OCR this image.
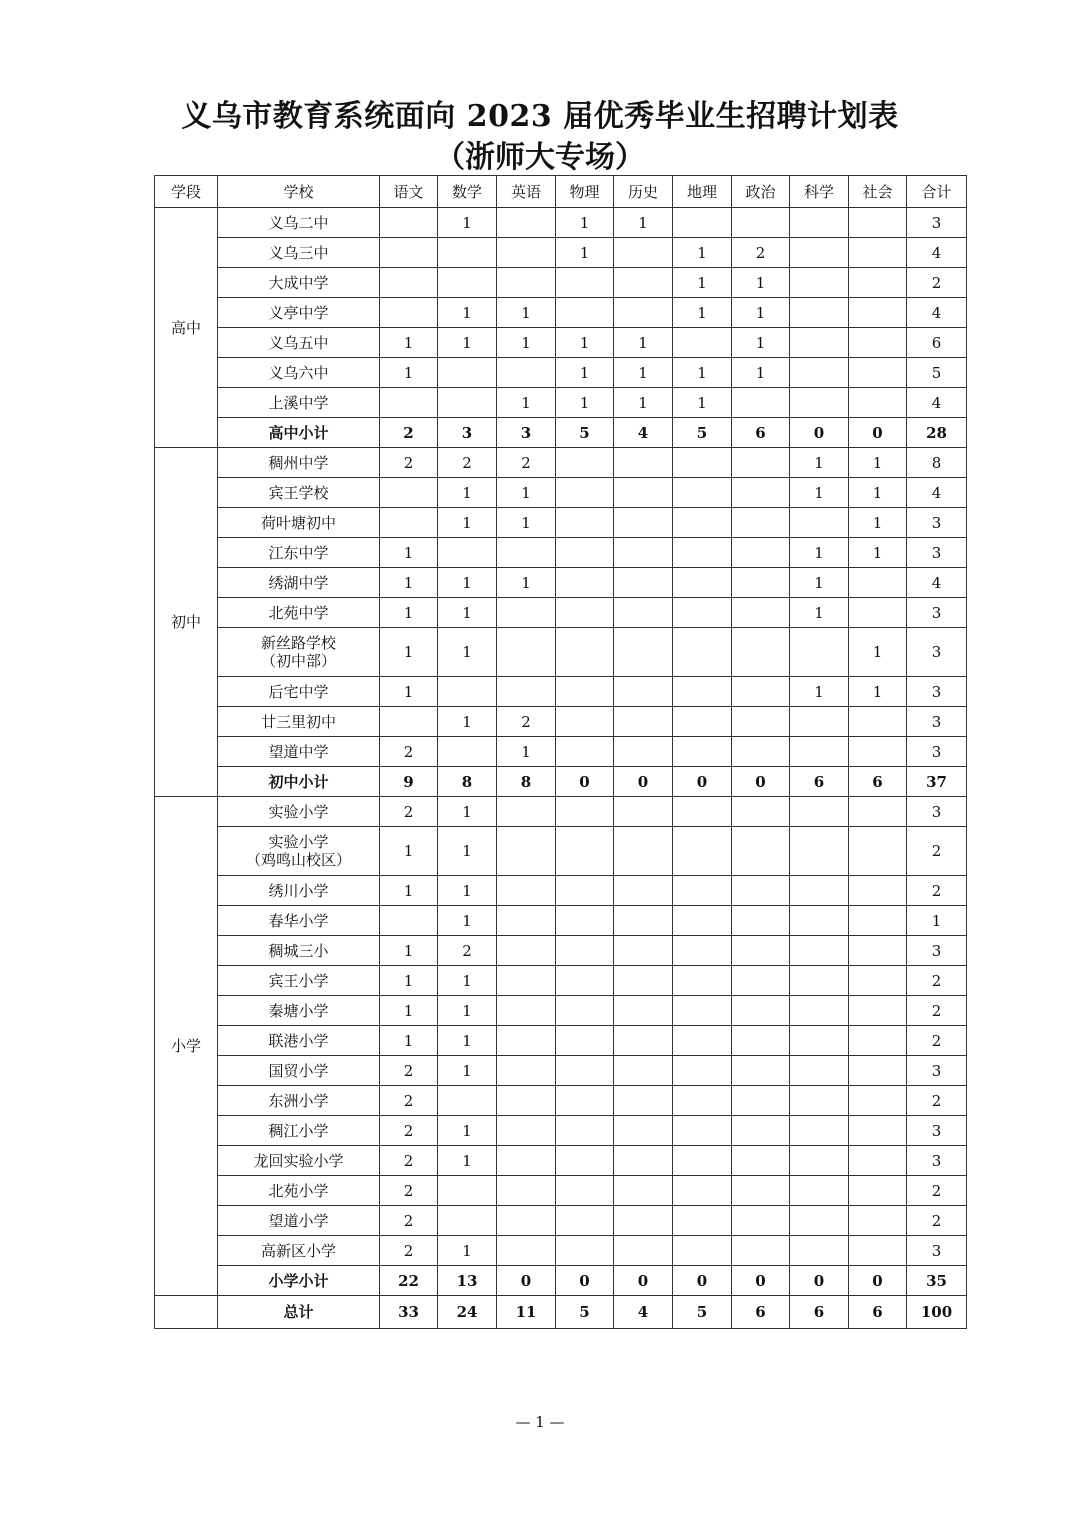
义乌市教育系统面向 2023 届优秀毕业生招聘计划表
（浙师大专场）
学段	学校	语文	数学	英语	物理	历史	地理	政治	科学	社会	合计
高中	义乌二中		1		1	1					3
	义乌三中				1		1	2			4
	大成中学						1	1			2
	义亭中学		1	1			1	1			4
	义乌五中	1	1	1	1	1		1			6
	义乌六中	1			1	1	1	1			5
	上溪中学			1	1	1	1				4
	高中小计	2	3	3	5	4	5	6	0	0	28
初中	稠州中学	2	2	2					1	1	8
	宾王学校		1	1					1	1	4
	荷叶塘初中		1	1						1	3
	江东中学	1							1	1	3
	绣湖中学	1	1	1					1		4
	北苑中学	1	1						1		3
	新丝路学校
（初中部）	1	1							1	3
	后宅中学	1							1	1	3
	廿三里初中		1	2							3
	望道中学	2		1							3
	初中小计	9	8	8	0	0	0	0	6	6	37
小学	实验小学	2	1								3
	实验小学
（鸡鸣山校区）	1	1								2
	绣川小学	1	1								2
	春华小学		1								1
	稠城三小	1	2								3
	宾王小学	1	1								2
	秦塘小学	1	1								2
	联港小学	1	1								2
	国贸小学	2	1								3
	东洲小学	2									2
	稠江小学	2	1								3
	龙回实验小学	2	1								3
	北苑小学	2									2
	望道小学	2									2
	高新区小学	2	1								3
	小学小计	22	13	0	0	0	0	0	0	0	35
	总计	33	24	11	5	4	5	6	6	6	100
— 1 —
